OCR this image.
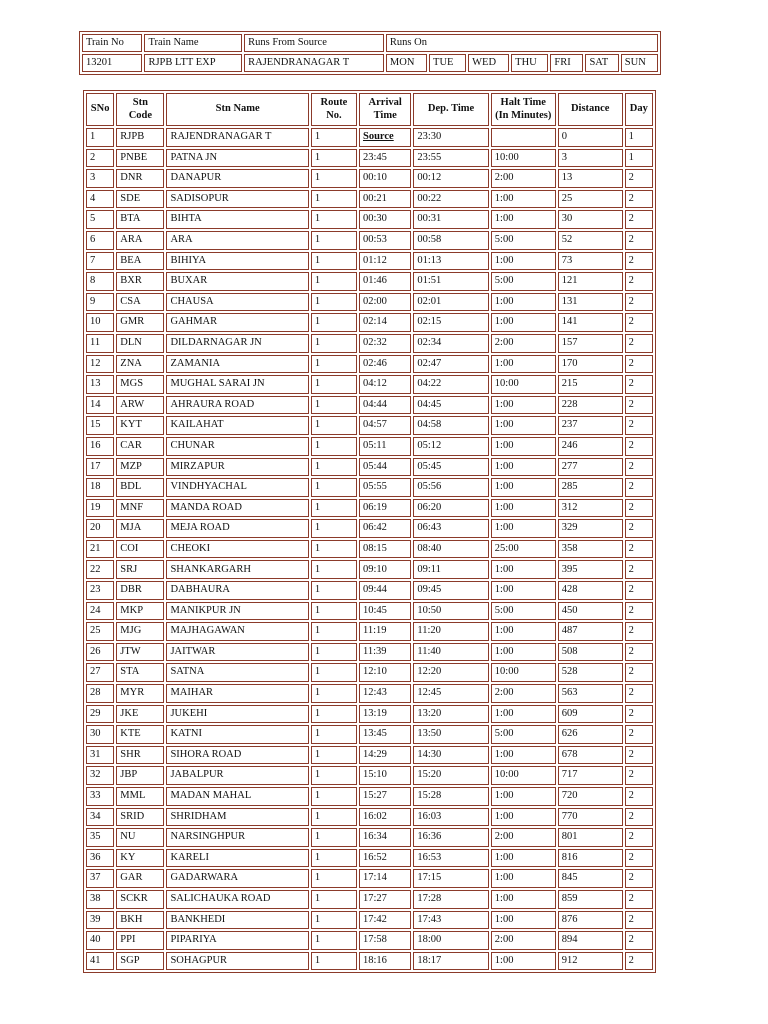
Train No	Train Name	Runs From Source	Runs On						
13201	RJPB LTT EXP	RAJENDRANAGAR T	MON	TUE	WED	THU	FRI	SAT	SUN
SNo	Stn Code	Stn Name	Route No.	Arrival Time	Dep. Time	Halt Time (In Minutes)	Distance	Day
1	RJPB	RAJENDRANAGAR T	1	Source	23:30		0	1
2	PNBE	PATNA JN	1	23:45	23:55	10:00	3	1
3	DNR	DANAPUR	1	00:10	00:12	2:00	13	2
4	SDE	SADISOPUR	1	00:21	00:22	1:00	25	2
5	BTA	BIHTA	1	00:30	00:31	1:00	30	2
6	ARA	ARA	1	00:53	00:58	5:00	52	2
7	BEA	BIHIYA	1	01:12	01:13	1:00	73	2
8	BXR	BUXAR	1	01:46	01:51	5:00	121	2
9	CSA	CHAUSA	1	02:00	02:01	1:00	131	2
10	GMR	GAHMAR	1	02:14	02:15	1:00	141	2
11	DLN	DILDARNAGAR JN	1	02:32	02:34	2:00	157	2
12	ZNA	ZAMANIA	1	02:46	02:47	1:00	170	2
13	MGS	MUGHAL SARAI JN	1	04:12	04:22	10:00	215	2
14	ARW	AHRAURA ROAD	1	04:44	04:45	1:00	228	2
15	KYT	KAILAHAT	1	04:57	04:58	1:00	237	2
16	CAR	CHUNAR	1	05:11	05:12	1:00	246	2
17	MZP	MIRZAPUR	1	05:44	05:45	1:00	277	2
18	BDL	VINDHYACHAL	1	05:55	05:56	1:00	285	2
19	MNF	MANDA ROAD	1	06:19	06:20	1:00	312	2
20	MJA	MEJA ROAD	1	06:42	06:43	1:00	329	2
21	COI	CHEOKI	1	08:15	08:40	25:00	358	2
22	SRJ	SHANKARGARH	1	09:10	09:11	1:00	395	2
23	DBR	DABHAURA	1	09:44	09:45	1:00	428	2
24	MKP	MANIKPUR JN	1	10:45	10:50	5:00	450	2
25	MJG	MAJHAGAWAN	1	11:19	11:20	1:00	487	2
26	JTW	JAITWAR	1	11:39	11:40	1:00	508	2
27	STA	SATNA	1	12:10	12:20	10:00	528	2
28	MYR	MAIHAR	1	12:43	12:45	2:00	563	2
29	JKE	JUKEHI	1	13:19	13:20	1:00	609	2
30	KTE	KATNI	1	13:45	13:50	5:00	626	2
31	SHR	SIHORA ROAD	1	14:29	14:30	1:00	678	2
32	JBP	JABALPUR	1	15:10	15:20	10:00	717	2
33	MML	MADAN MAHAL	1	15:27	15:28	1:00	720	2
34	SRID	SHRIDHAM	1	16:02	16:03	1:00	770	2
35	NU	NARSINGHPUR	1	16:34	16:36	2:00	801	2
36	KY	KARELI	1	16:52	16:53	1:00	816	2
37	GAR	GADARWARA	1	17:14	17:15	1:00	845	2
38	SCKR	SALICHAUKA ROAD	1	17:27	17:28	1:00	859	2
39	BKH	BANKHEDI	1	17:42	17:43	1:00	876	2
40	PPI	PIPARIYA	1	17:58	18:00	2:00	894	2
41	SGP	SOHAGPUR	1	18:16	18:17	1:00	912	2
